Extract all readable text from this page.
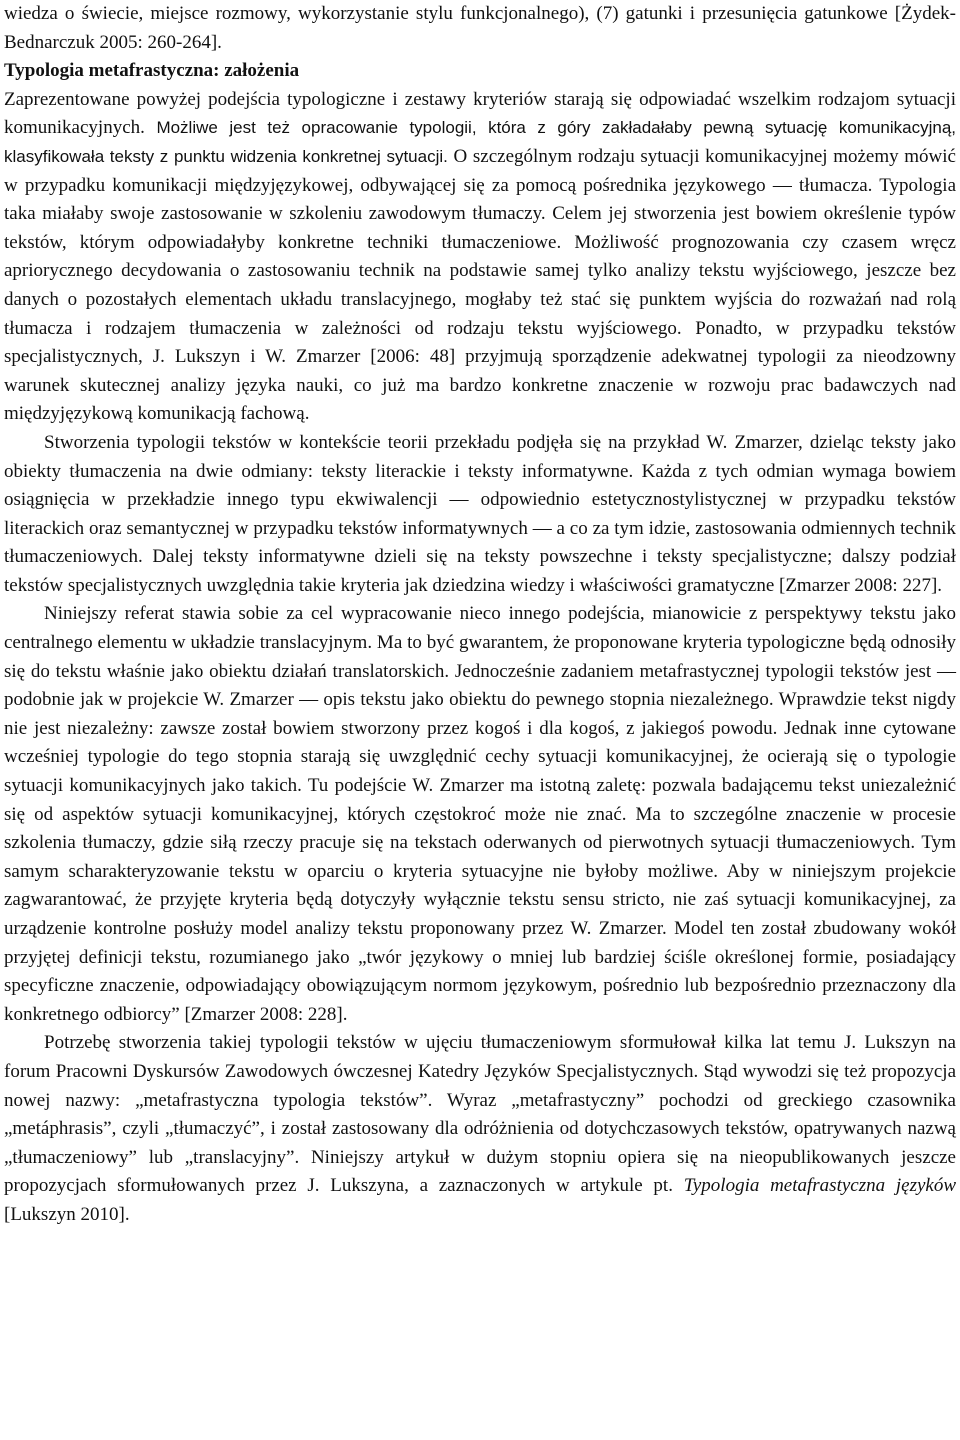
wiedza o świecie, miejsce rozmowy, wykorzystanie stylu funkcjonalnego), (7) gatunki i przesunięcia gatunkowe [Żydek-Bednarczuk 2005: 260-264].

Typologia metafrastyczna: założenia

Zaprezentowane powyżej podejścia typologiczne i zestawy kryteriów starają się odpowiadać wszelkim rodzajom sytuacji komunikacyjnych. Możliwe jest też opracowanie typologii, która z góry zakładałaby pewną sytuację komunikacyjną, klasyfikowała teksty z punktu widzenia konkretnej sytuacji. O szczególnym rodzaju sytuacji komunikacyjnej możemy mówić w przypadku komunikacji międzyjęzykowej, odbywającej się za pomocą pośrednika językowego — tłumacza. Typologia taka miałaby swoje zastosowanie w szkoleniu zawodowym tłumaczy. Celem jej stworzenia jest bowiem określenie typów tekstów, którym odpowiadałyby konkretne techniki tłumaczeniowe. Możliwość prognozowania czy czasem wręcz apriorycznego decydowania o zastosowaniu technik na podstawie samej tylko analizy tekstu wyjściowego, jeszcze bez danych o pozostałych elementach układu translacyjnego, mogłaby też stać się punktem wyjścia do rozważań nad rolą tłumacza i rodzajem tłumaczenia w zależności od rodzaju tekstu wyjściowego. Ponadto, w przypadku tekstów specjalistycznych, J. Lukszyn i W. Zmarzer [2006: 48] przyjmują sporządzenie adekwatnej typologii za nieodzowny warunek skutecznej analizy języka nauki, co już ma bardzo konkretne znaczenie w rozwoju prac badawczych nad międzyjęzykową komunikacją fachową.

Stworzenia typologii tekstów w kontekście teorii przekładu podjęła się na przykład W. Zmarzer, dzieląc teksty jako obiekty tłumaczenia na dwie odmiany: teksty literackie i teksty informatywne. Każda z tych odmian wymaga bowiem osiągnięcia w przekładzie innego typu ekwiwalencji — odpowiednio estetycznostylistycznej w przypadku tekstów literackich oraz semantycznej w przypadku tekstów informatywnych — a co za tym idzie, zastosowania odmiennych technik tłumaczeniowych. Dalej teksty informatywne dzieli się na teksty powszechne i teksty specjalistyczne; dalszy podział tekstów specjalistycznych uwzględnia takie kryteria jak dziedzina wiedzy i właściwości gramatyczne [Zmarzer 2008: 227].

Niniejszy referat stawia sobie za cel wypracowanie nieco innego podejścia, mianowicie z perspektywy tekstu jako centralnego elementu w układzie translacyjnym. Ma to być gwarantem, że proponowane kryteria typologiczne będą odnosiły się do tekstu właśnie jako obiektu działań translatorskich. Jednocześnie zadaniem metafrastycznej typologii tekstów jest — podobnie jak w projekcie W. Zmarzer — opis tekstu jako obiektu do pewnego stopnia niezależnego. Wprawdzie tekst nigdy nie jest niezależny: zawsze został bowiem stworzony przez kogoś i dla kogoś, z jakiegoś powodu. Jednak inne cytowane wcześniej typologie do tego stopnia starają się uwzględnić cechy sytuacji komunikacyjnej, że ocierają się o typologie sytuacji komunikacyjnych jako takich. Tu podejście W. Zmarzer ma istotną zaletę: pozwala badającemu tekst uniezależnić się od aspektów sytuacji komunikacyjnej, których częstokroć może nie znać. Ma to szczególne znaczenie w procesie szkolenia tłumaczy, gdzie siłą rzeczy pracuje się na tekstach oderwanych od pierwotnych sytuacji tłumaczeniowych. Tym samym scharakteryzowanie tekstu w oparciu o kryteria sytuacyjne nie byłoby możliwe. Aby w niniejszym projekcie zagwarantować, że przyjęte kryteria będą dotyczyły wyłącznie tekstu sensu stricto, nie zaś sytuacji komunikacyjnej, za urządzenie kontrolne posłuży model analizy tekstu proponowany przez W. Zmarzer. Model ten został zbudowany wokół przyjętej definicji tekstu, rozumianego jako „twór językowy o mniej lub bardziej ściśle określonej formie, posiadający specyficzne znaczenie, odpowiadający obowiązującym normom językowym, pośrednio lub bezpośrednio przeznaczony dla konkretnego odbiorcy” [Zmarzer 2008: 228].

Potrzebę stworzenia takiej typologii tekstów w ujęciu tłumaczeniowym sformułował kilka lat temu J. Lukszyn na forum Pracowni Dyskursów Zawodowych ówczesnej Katedry Języków Specjalistycznych. Stąd wywodzi się też propozycja nowej nazwy: „metafrastyczna typologia tekstów”. Wyraz „metafrastyczny” pochodzi od greckiego czasownika „metáphrasis”, czyli „tłumaczyć”, i został zastosowany dla odróżnienia od dotychczasowych tekstów, opatrywanych nazwą „tłumaczeniowy” lub „translacyjny”. Niniejszy artykuł w dużym stopniu opiera się na nieopublikowanych jeszcze propozycjach sformułowanych przez J. Lukszyna, a zaznaczonych w artykule pt. Typologia metafrastyczna języków [Lukszyn 2010].
